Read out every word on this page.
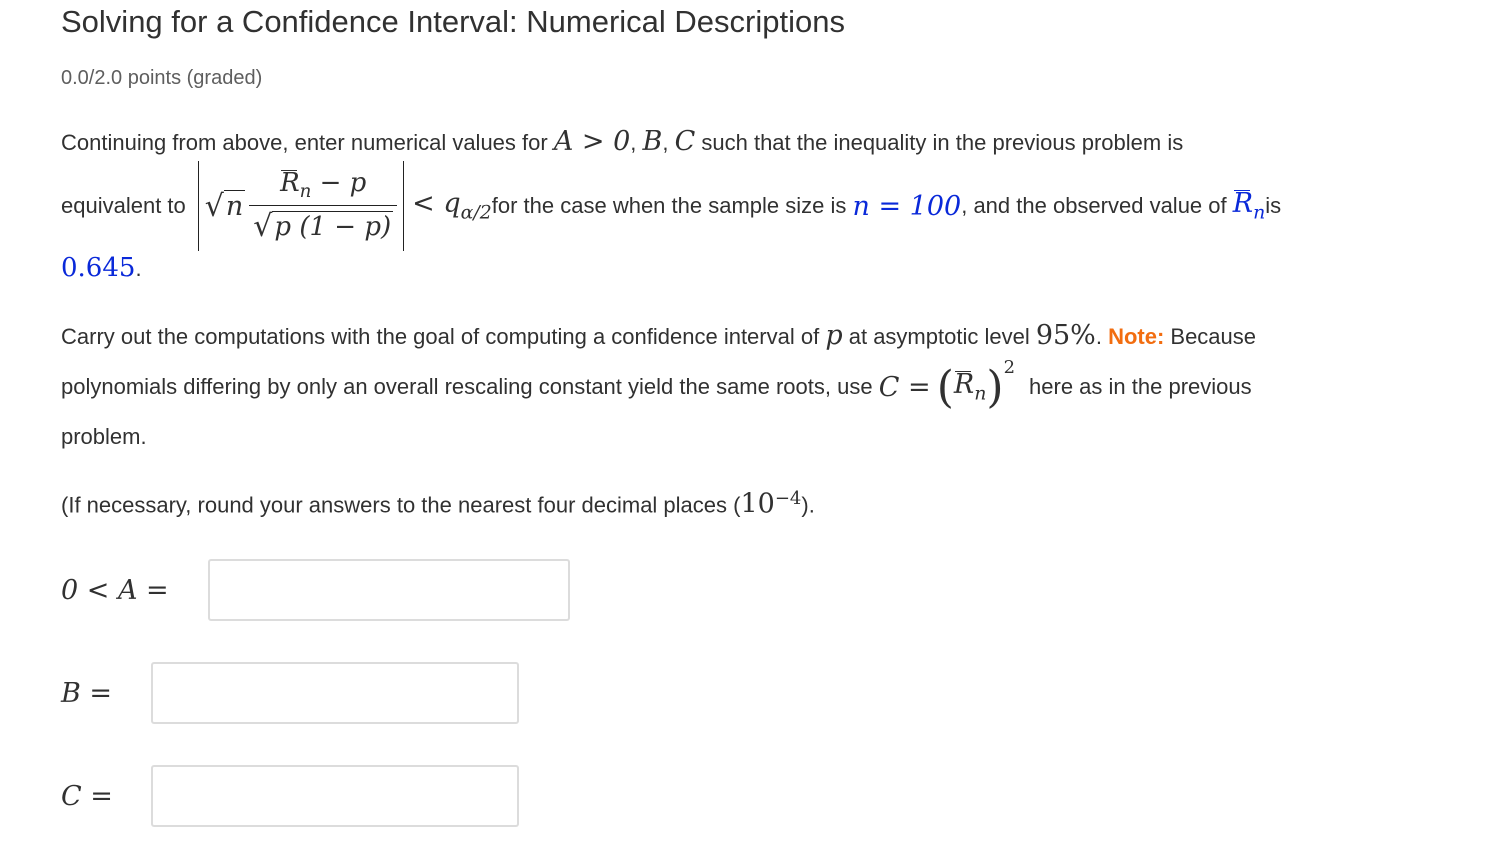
Solving for a Confidence Interval: Numerical Descriptions
0.0/2.0 points (graded)
Continuing from above, enter numerical values for A > 0, B, C such that the inequality in the previous problem is
equivalent to √ n $\frac{R_n - p}{√ p (1 - p)} < q_{\alpha/2}$ for the case when the sample size is
n = 100 , and the observed value of
$R_n$ is
0.645.
Carry out the computations with the goal of computing a confidence interval of p at asymptotic level 95%. Note: Because
polynomials differing by only an overall rescaling constant yield the same roots, use
C =
( $R_n$ )$^2$
here as in the previous
problem.
(If necessary, round your answers to the nearest four decimal places $(10^{-4})$.
0 < A =
B =
C =
